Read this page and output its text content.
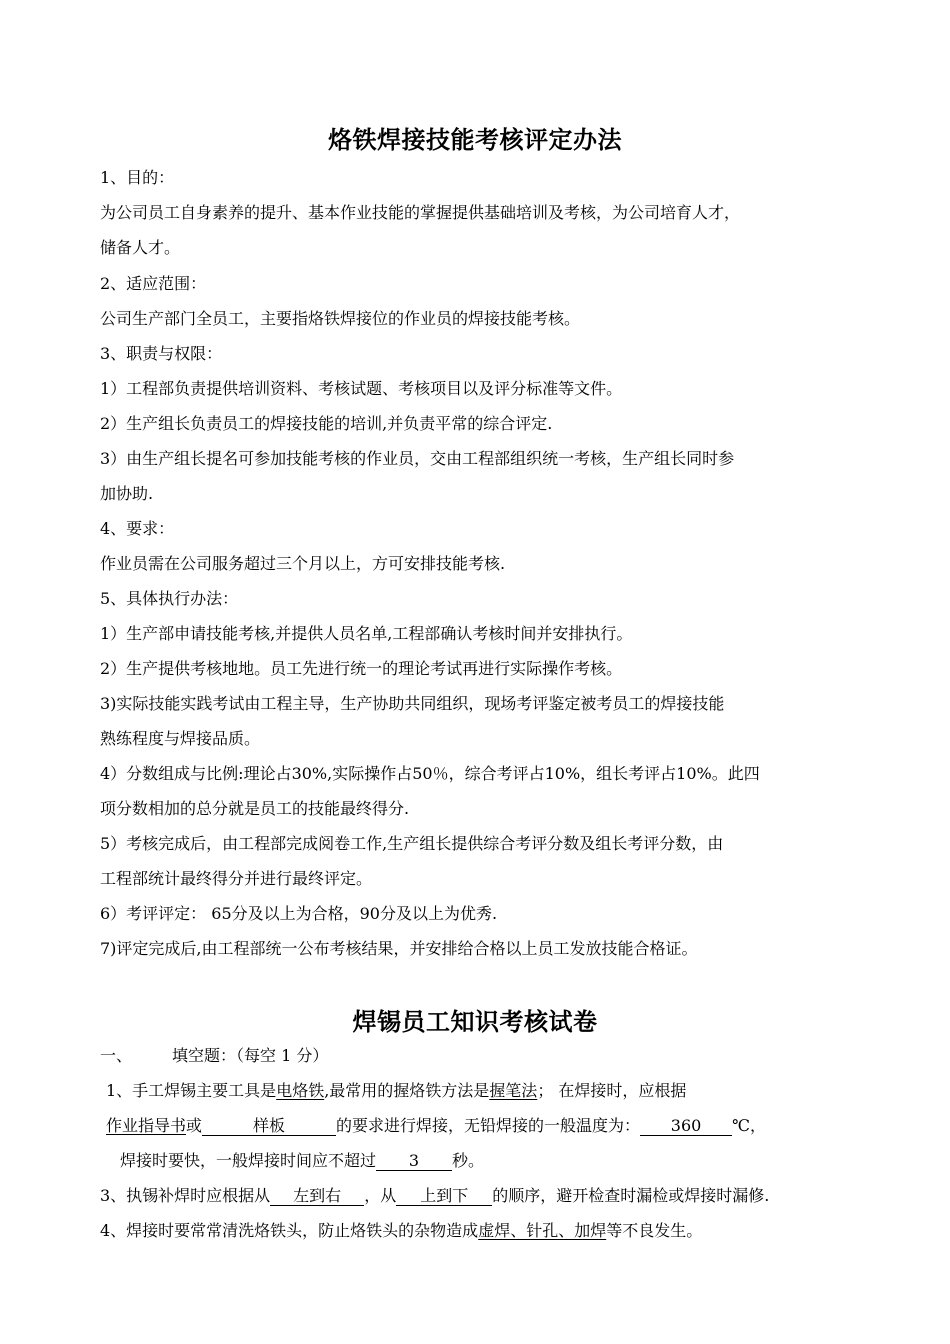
烙铁焊接技能考核评定办法
1、目的：
为公司员工自身素养的提升、基本作业技能的掌握提供基础培训及考核，为公司培育人才，
储备人才。
2、适应范围：
公司生产部门全员工，主要指烙铁焊接位的作业员的焊接技能考核。
3、职责与权限：
1）工程部负责提供培训资料、考核试题、考核项目以及评分标准等文件。
2）生产组长负责员工的焊接技能的培训,并负责平常的综合评定.
3）由生产组长提名可参加技能考核的作业员，交由工程部组织统一考核，生产组长同时参
加协助.
4、要求：
作业员需在公司服务超过三个月以上，方可安排技能考核.
5、具体执行办法：
1）生产部申请技能考核,并提供人员名单,工程部确认考核时间并安排执行。
2）生产提供考核地地。员工先进行统一的理论考试再进行实际操作考核。
3)实际技能实践考试由工程主导，生产协助共同组织，现场考评鉴定被考员工的焊接技能
熟练程度与焊接品质。
4）分数组成与比例:理论占30%,实际操作占50％，综合考评占10%，组长考评占10%。此四
项分数相加的总分就是员工的技能最终得分.
5）考核完成后，由工程部完成阅卷工作,生产组长提供综合考评分数及组长考评分数，由
工程部统计最终得分并进行最终评定。
6）考评评定： 65分及以上为合格，90分及以上为优秀.
7)评定完成后,由工程部统一公布考核结果，并安排给合格以上员工发放技能合格证。
焊锡员工知识考核试卷
一、	填空题：（每空 1 分）
1、手工焊锡主要工具是电烙铁,最常用的握烙铁方法是握笔法； 在焊接时，应根据
作业指导书或	样板	的要求进行焊接，无铅焊接的一般温度为： 360 ℃，
焊接时要快，一般焊接时间应不超过 3 秒。
3、执锡补焊时应根据从 左到右 ，从 上到下 的顺序，避开检查时漏检或焊接时漏修.
4、焊接时要常常清洗烙铁头，防止烙铁头的杂物造成虚焊、针孔、加焊等不良发生。
